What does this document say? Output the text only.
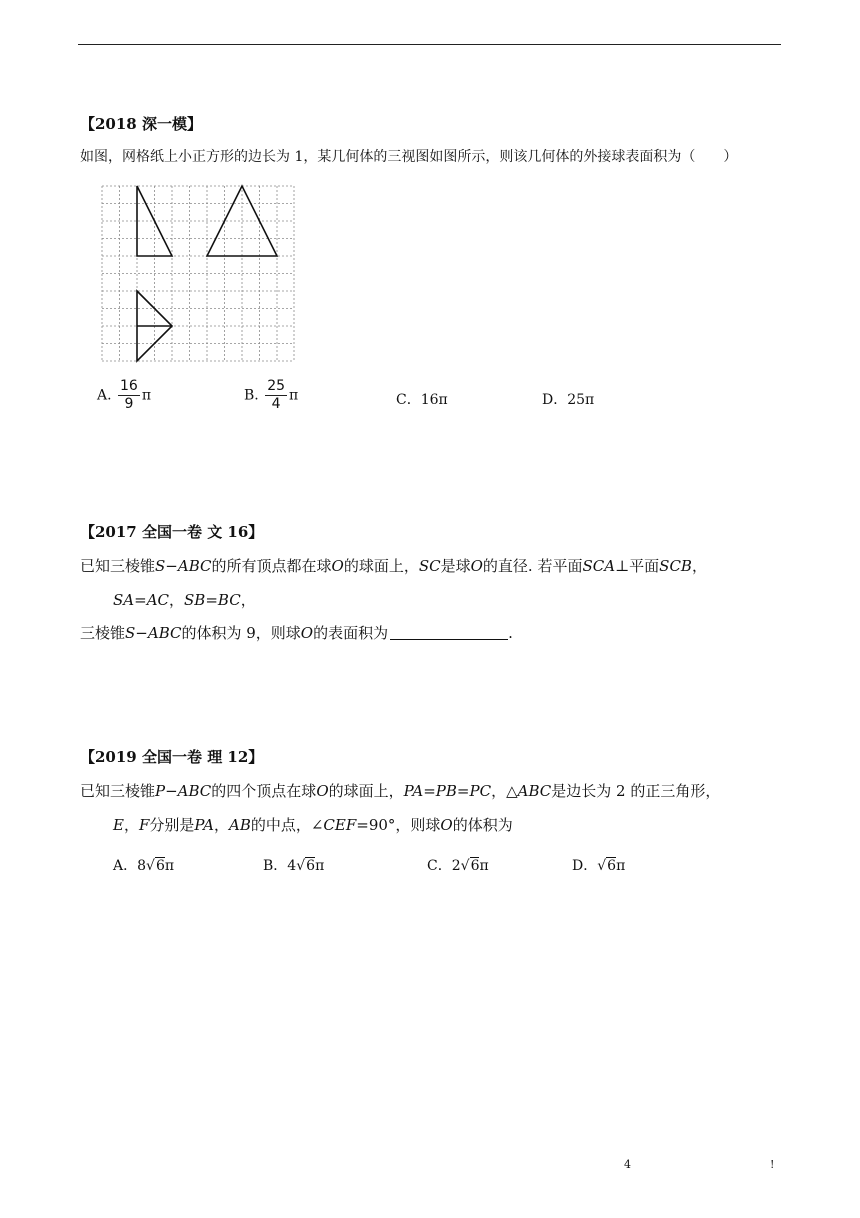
【2018 深一模】
如图，网格纸上小正方形的边长为 1，某几何体的三视图如图所示，则该几何体的外接球表面积为（　　）
A. $\frac{16}{9}$ π	B. $\frac{25}{4}$ π	C．16π	D．25π
【2017 全国一卷 文 16】
已知三棱锥S−ABC的所有顶点都在球O的球面上，SC是球O的直径. 若平面SCA⊥平面SCB，
SA=AC，SB=BC，
三棱锥S−ABC的体积为 9，则球O的表面积为	.
【2019 全国一卷 理 12】
已知三棱锥P−ABC的四个顶点在球O的球面上，PA=PB=PC，△ABC是边长为 2 的正三角形，
E，F分别是PA，AB的中点，∠CEF=90°，则球O的体积为
A．8√6π	B．4√6π	C．2√6π	D．√6π
4	!
